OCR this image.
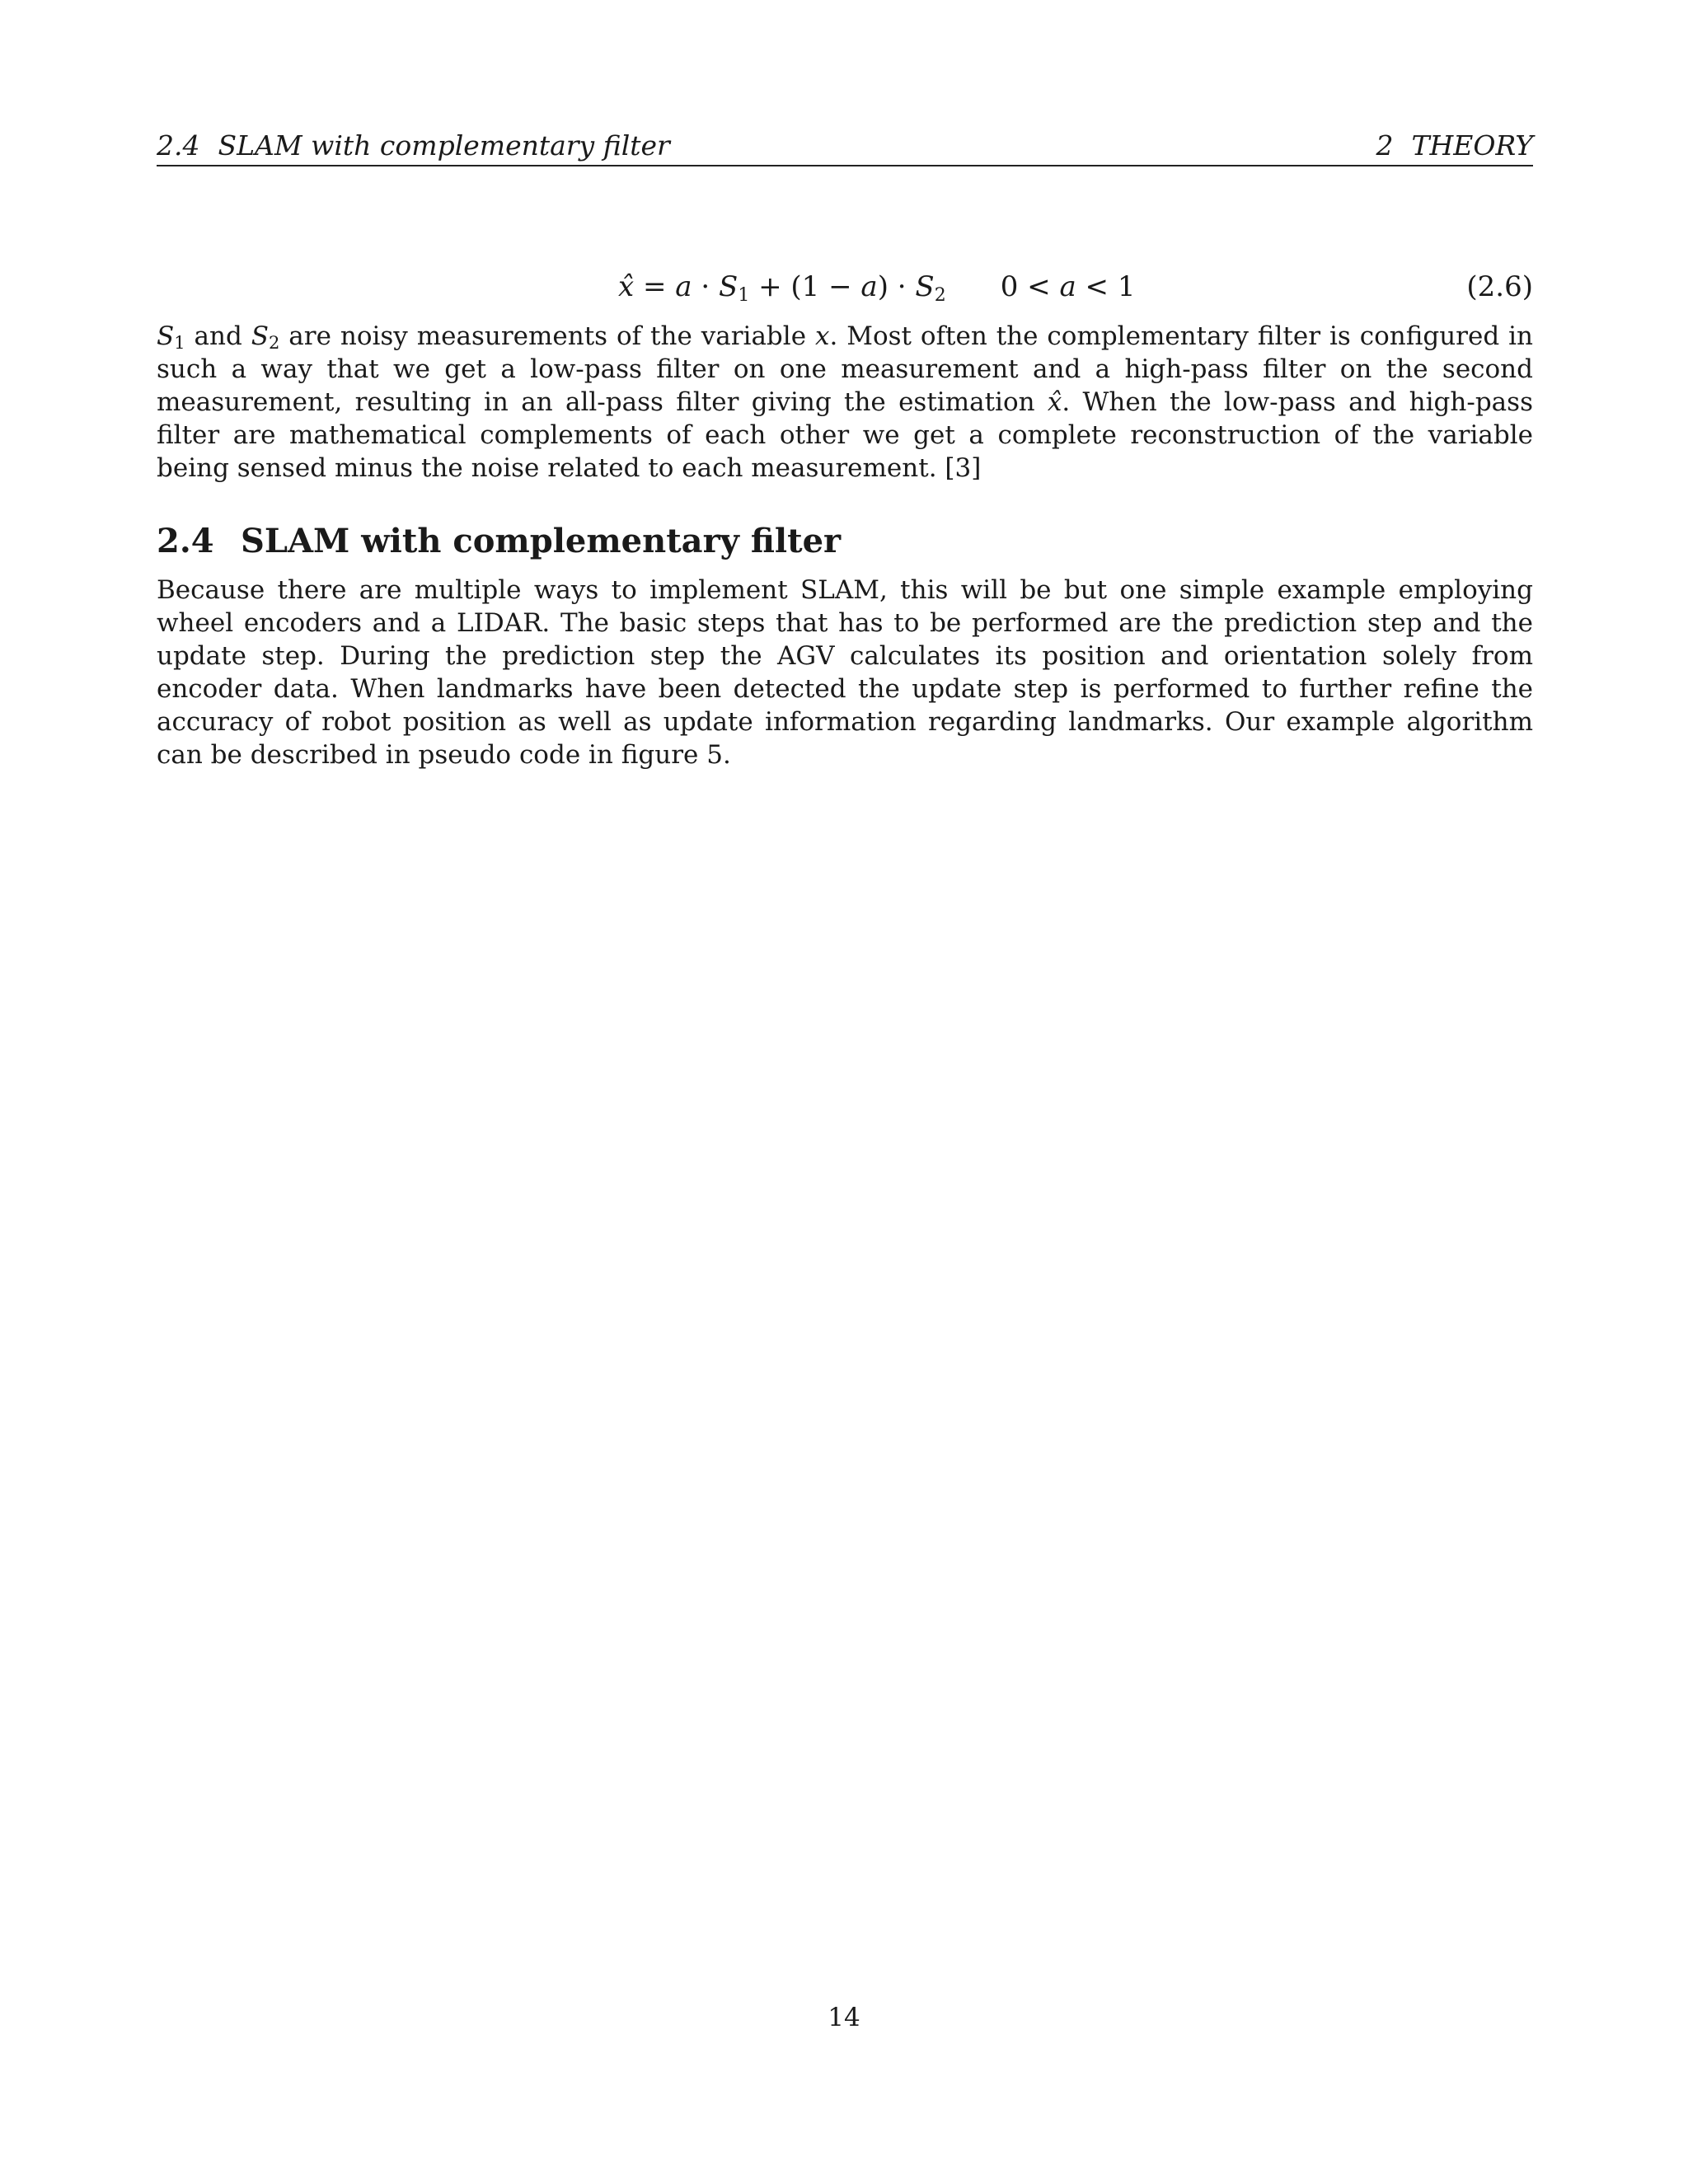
2.4 SLAM with complementary filter	2 THEORY
x̂ = $a \cdot S_1 + (1 - a) \cdot S_2$ 0 < a < 1	(2.6)

$S_1$ and $S_2$ are noisy measurements of the variable x. Most often the complementary filter is configured in such a way that we get a low-pass filter on one measurement and a high-pass filter on the second measurement, resulting in an all-pass filter giving the estimation x̂. When the low-pass and high-pass filter are mathematical complements of each other we get a complete reconstruction of the variable being sensed minus the noise related to each measurement. [3]

2.4 SLAM with complementary filter

Because there are multiple ways to implement SLAM, this will be but one simple example employing wheel encoders and a LIDAR. The basic steps that has to be performed are the prediction step and the update step. During the prediction step the AGV calculates its position and orientation solely from encoder data. When landmarks have been detected the update step is performed to further refine the accuracy of robot position as well as update information regarding landmarks. Our example algorithm can be described in pseudo code in figure 5.

14
